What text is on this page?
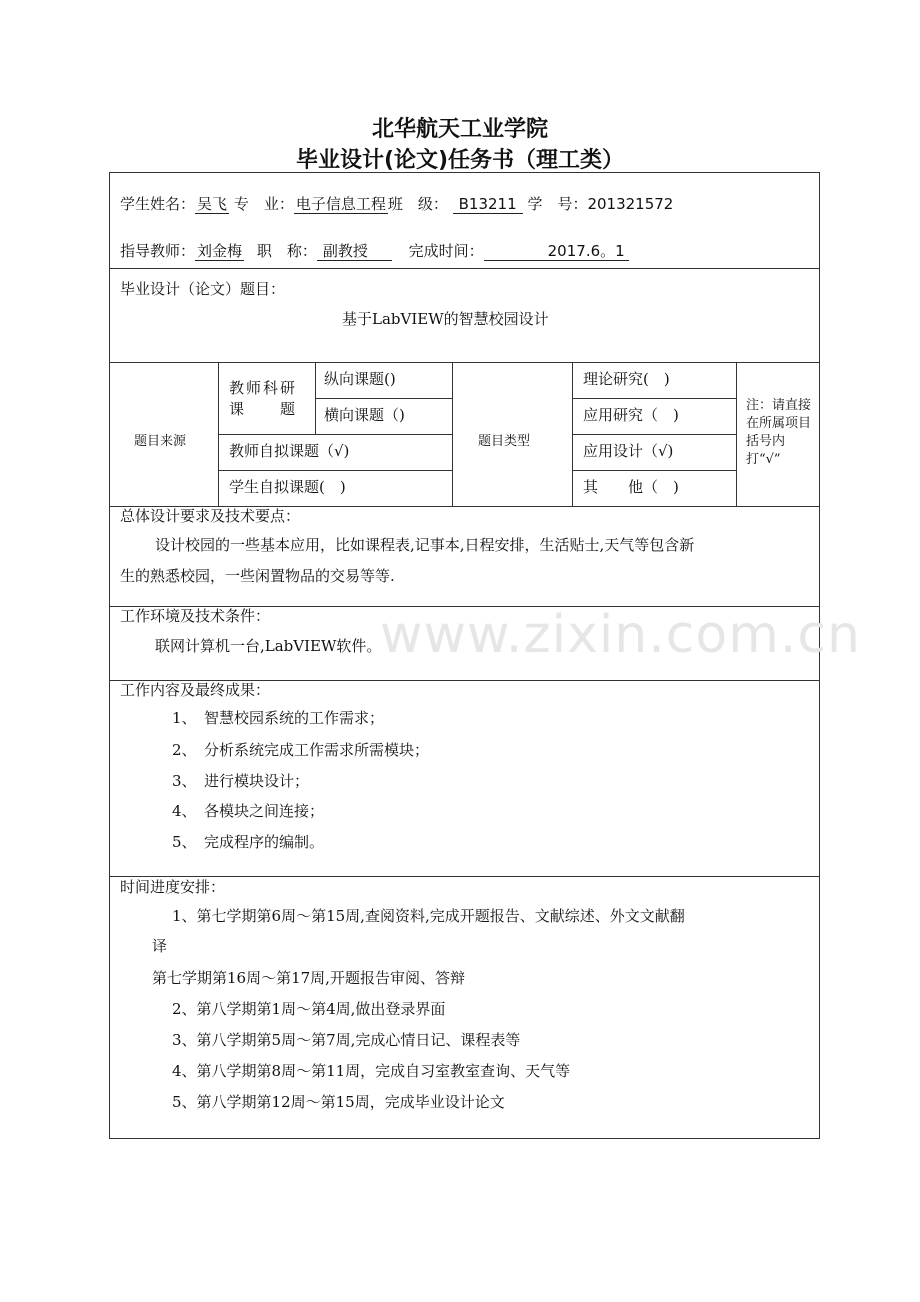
北华航天工业学院
毕业设计(论文)任务书（理工类）
学生姓名： 吴飞 专　业： 电子信息工程 班　级： B13211 学　号：201321572
指导教师： 刘金梅 职　称： 副教授	完成时间：	2017.6。1
毕业设计（论文）题目：
基于LabVIEW的智慧校园设计
题目来源
教师科研课　　题
纵向课题()
横向课题（)
教师自拟课题（√)
学生自拟课题(　)
题目类型
理论研究(　)
应用研究（　)
应用设计（√)
其　　他（　)
注：请直接在所属项目括号内打“√”
总体设计要求及技术要点：
设计校园的一些基本应用，比如课程表,记事本,日程安排，生活贴士,天气等包含新
生的熟悉校园，一些闲置物品的交易等等.
www.zixin.com.cn
工作环境及技术条件：
联网计算机一台,LabVIEW软件。
工作内容及最终成果：
1、　智慧校园系统的工作需求；
2、　分析系统完成工作需求所需模块；
3、　进行模块设计；
4、　各模块之间连接；
5、　完成程序的编制。
时间进度安排：
1、第七学期第6周～第15周,查阅资料,完成开题报告、文献综述、外文文献翻
译
第七学期第16周～第17周,开题报告审阅、答辩
2、第八学期第1周～第4周,做出登录界面
3、第八学期第5周～第7周,完成心情日记、课程表等
4、第八学期第8周～第11周，完成自习室教室查询、天气等
5、第八学期第12周～第15周，完成毕业设计论文
